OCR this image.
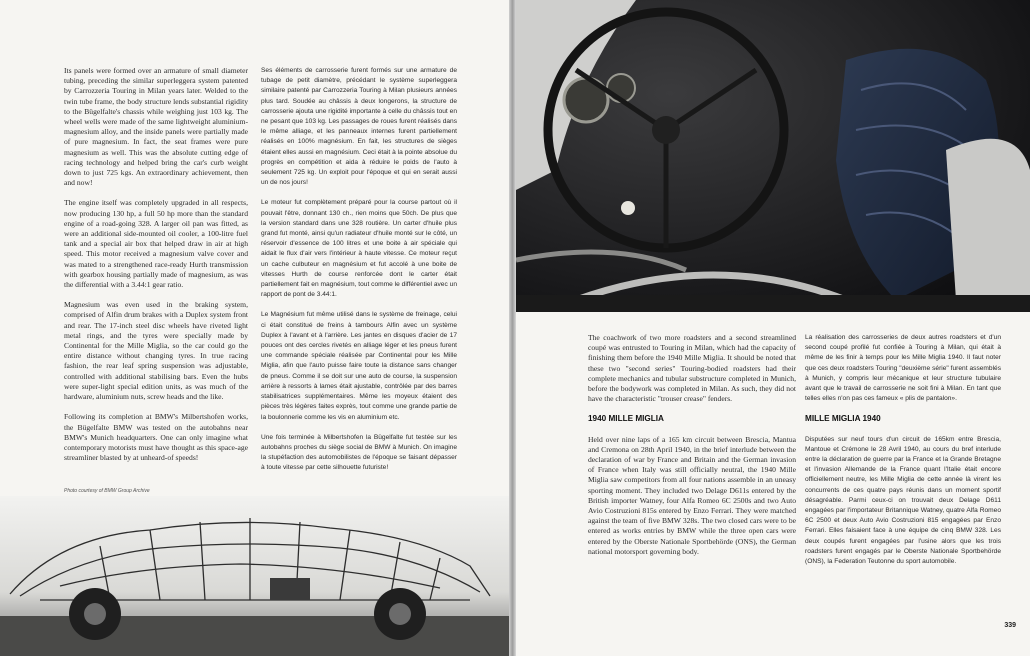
Its panels were formed over an armature of small diameter tubing, preceding the similar superleggera system patented by Carrozzeria Touring in Milan years later. Welded to the twin tube frame, the body structure lends substantial rigidity to the Bügelfalte's chassis while weighing just 103 kg. The wheel wells were made of the same lightweight aluminium-magnesium alloy, and the inside panels were partially made of pure magnesium. In fact, the seat frames were pure magnesium as well. This was the absolute cutting edge of racing technology and helped bring the car's curb weight down to just 725 kgs. An extraordinary achievement, then and now!

The engine itself was completely upgraded in all respects, now producing 130 hp, a full 50 hp more than the standard engine of a road-going 328. A larger oil pan was fitted, as were an additional side-mounted oil cooler, a 100-litre fuel tank and a special air box that helped draw in air at high speed. This motor received a magnesium valve cover and was mated to a strengthened race-ready Hurth transmission with gearbox housing partially made of magnesium, as was the differential with a 3.44:1 gear ratio.

Magnesium was even used in the braking system, comprised of Alfin drum brakes with a Duplex system front and rear. The 17-inch steel disc wheels have riveted light metal rings, and the tyres were specially made by Continental for the Mille Miglia, so the car could go the entire distance without changing tyres. In true racing fashion, the rear leaf spring suspension was adjustable, controlled with additional stabilising bars. Even the hubs were super-light special edition units, as was much of the hardware, aluminium nuts, screw heads and the like.

Following its completion at BMW's Milbertshofen works, the Bügelfalte BMW was tested on the autobahns near BMW's Munich headquarters. One can only imagine what contemporary motorists must have thought as this space-age streamliner blasted by at unheard-of speeds!

Ses éléments de carrosserie furent formés sur une armature de tubage de petit diamètre, précédant le système superleggera similaire patenté par Carrozzeria Touring à Milan plusieurs années plus tard. Soudée au châssis à deux longerons, la structure de carrosserie ajouta une rigidité importante à celle du châssis tout en ne pesant que 103 kg. Les passages de roues furent réalisés dans le même alliage, et les panneaux internes furent partiellement réalisés en 100% magnésium. En fait, les structures de sièges étaient elles aussi en magnésium. Ceci était à la pointe absolue du progrès en compétition et aida à réduire le poids de l'auto à seulement 725 kg. Un exploit pour l'époque et qui en serait aussi un de nos jours!

Le moteur fut complètement préparé pour la course partout où il pouvait l'être, donnant 130 ch., rien moins que 50ch. De plus que la version standard dans une 328 routière. Un carter d'huile plus grand fut monté, ainsi qu'un radiateur d'huile monté sur le côté, un réservoir d'essence de 100 litres et une boite à air spéciale qui aidait le flux d'air vers l'intérieur à haute vitesse. Ce moteur reçut un cache culbuteur en magnésium et fut accolé à une boite de vitesses Hurth de course renforcée dont le carter était partiellement fait en magnésium, tout comme le différentiel avec un rapport de pont de 3.44:1.

Le Magnésium fut même utilisé dans le système de freinage, celui ci était constitué de freins à tambours Alfin avec un système Duplex à l'avant et à l'arrière. Les jantes en disques d'acier de 17 pouces ont des cercles rivetés en alliage léger et les pneus furent une commande spéciale réalisée par Continental pour les Mille Miglia, afin que l'auto puisse faire toute la distance sans changer de pneus. Comme il se doit sur une auto de course, la suspension arrière à ressorts à lames était ajustable, contrôlée par des barres stabilisatrices supplémentaires. Même les moyeux étaient des pièces très légères faites exprès, tout comme une grande partie de la boulonnerie comme les vis en aluminium etc.

Une fois terminée à Milbertshofen la Bügelfalte fut testée sur les autobahns proches du siège social de BMW à Munich. On imagine la stupéfaction des automobilistes de l'époque se faisant dépasser à toute vitesse par cette silhouette futuriste!

Photo courtesy of BMW Group Archive

The coachwork of two more roadsters and a second streamlined coupé was entrusted to Touring in Milan, which had the capacity of finishing them before the 1940 Mille Miglia. It should be noted that these two "second series" Touring-bodied roadsters had their complete mechanics and tubular substructure completed in Munich, before the bodywork was completed in Milan. As such, they did not have the characteristic "trouser crease" fenders.

1940 MILLE MIGLIA

Held over nine laps of a 165 km circuit between Brescia, Mantua and Cremona on 28th April 1940, in the brief interlude between the declaration of war by France and Britain and the German invasion of France when Italy was still officially neutral, the 1940 Mille Miglia saw competitors from all four nations assemble in an uneasy sporting moment. They included two Delage D611s entered by the British importer Watney, four Alfa Romeo 6C 2500s and two Auto Avio Costruzioni 815s entered by Enzo Ferrari. They were matched against the team of five BMW 328s. The two closed cars were to be entered as works entries by BMW while the three open cars were entered by the Oberste Nationale Sportbehörde (ONS), the German national motorsport governing body.

La réalisation des carrosseries de deux autres roadsters et d'un second coupé profilé fut confiée à Touring à Milan, qui était à même de les finir à temps pour les Mille Miglia 1940. Il faut noter que ces deux roadsters Touring "deuxième série" furent assemblés à Munich, y compris leur mécanique et leur structure tubulaire avant que le travail de carrosserie ne soit fini à Milan. En tant que telles elles n'on pas ces fameux « plis de pantalon».

MILLE MIGLIA 1940

Disputées sur neuf tours d'un circuit de 165km entre Brescia, Mantoue et Crémone le 28 Avril 1940, au cours du bref interlude entre la déclaration de guerre par la France et la Grande Bretagne et l'invasion Allemande de la France quant l'Italie était encore officiellement neutre, les Mille Miglia de cette année là virent les concurrents de ces quatre pays réunis dans un moment sportif désagréable. Parmi ceux-ci on trouvait deux Delage D611 engagées par l'importateur Britannique Watney, quatre Alfa Romeo 6C 2500 et deux Auto Avio Costruzioni 815 engagées par Enzo Ferrari. Elles faisaient face à une équipe de cinq BMW 328. Les deux coupés furent engagées par l'usine alors que les trois roadsters furent engagés par le Oberste Nationale Sportbehörde (ONS), la Federation Teutonne du sport automobile.

339
